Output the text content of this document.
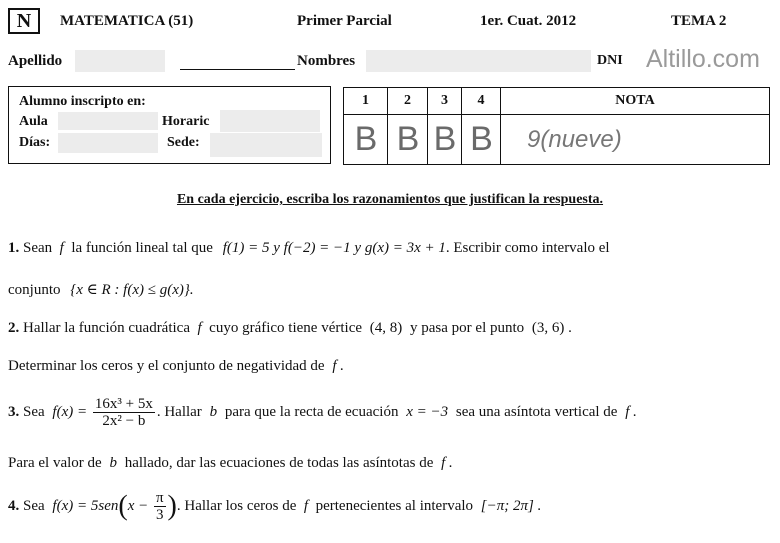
N	MATEMATICA (51)	Primer Parcial	1er. Cuat. 2012	TEMA 2
Apellido	Nombres	DNI Altillo.com
Alumno inscripto en:
Aula	Horaric
Días:	Sede:
1	2	3	4	NOTA
B	B	B	B	9(nueve)
En cada ejercicio, escriba los razonamientos que justifican la respuesta.
1. Sean  f  la función lineal tal que f(1) = 5 y f(−2) = −1 y g(x) = 3x + 1. Escribir como intervalo el
conjunto {x ∈ R : f(x) ≤ g(x)}.
2. Hallar la función cuadrática  f  cuyo gráfico tiene vértice (4, 8) y pasa por el punto (3, 6) .
Determinar los ceros y el conjunto de negatividad de f .
3. Sea $f(x) = \frac{\text{16x³ + 5x}}{\text{2x² − b}}$ . Hallar b para que la recta de ecuación x = −3 sea una asíntota vertical de f .
Para el valor de b hallado, dar las ecuaciones de todas las asíntotas de f .
4. Sea $f(x) = 5sen(x - \frac{\pi}{3}$ ). Hallar los ceros de  f  pertenecientes al intervalo [−π; 2π] .
